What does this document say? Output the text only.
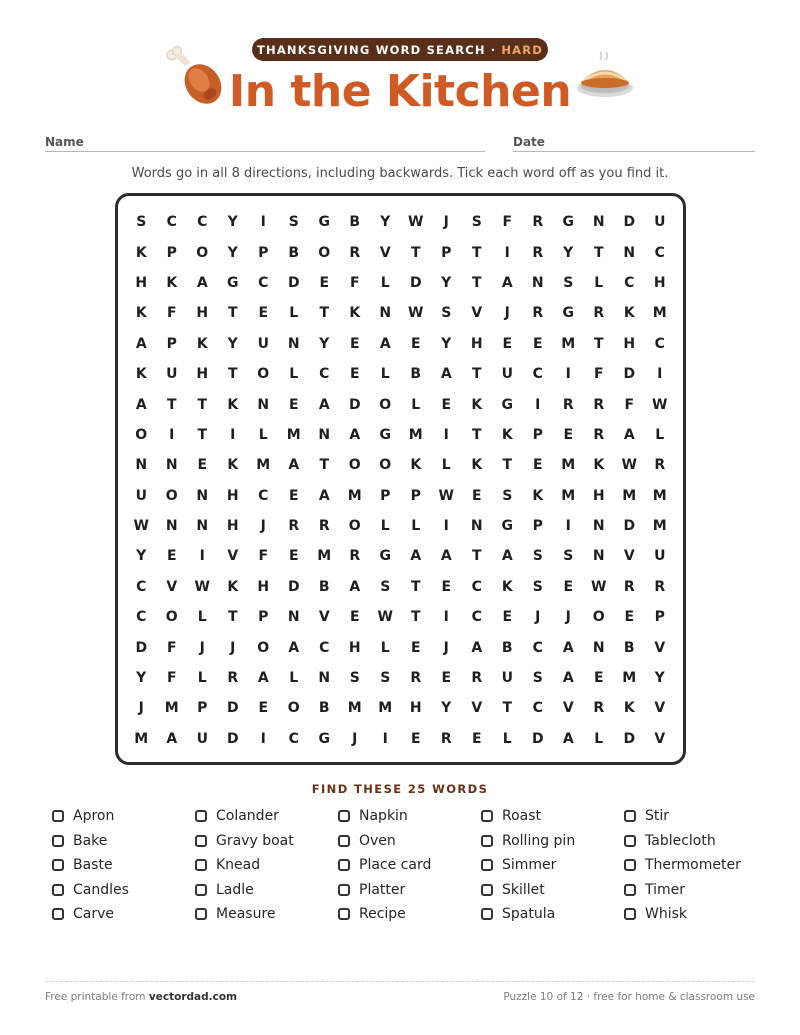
THANKSGIVING WORD SEARCH · HARD
In the Kitchen
Name	Date
Words go in all 8 directions, including backwards. Tick each word off as you find it.
S	C	C	Y	I	S	G	B	Y	W	J	S	F	R	G	N	D	U
K	P	O	Y	P	B	O	R	V	T	P	T	I	R	Y	T	N	C
H	K	A	G	C	D	E	F	L	D	Y	T	A	N	S	L	C	H
K	F	H	T	E	L	T	K	N	W	S	V	J	R	G	R	K	M
A	P	K	Y	U	N	Y	E	A	E	Y	H	E	E	M	T	H	C
K	U	H	T	O	L	C	E	L	B	A	T	U	C	I	F	D	I
A	T	T	K	N	E	A	D	O	L	E	K	G	I	R	R	F	W
O	I	T	I	L	M	N	A	G	M	I	T	K	P	E	R	A	L
N	N	E	K	M	A	T	O	O	K	L	K	T	E	M	K	W	R
U	O	N	H	C	E	A	M	P	P	W	E	S	K	M	H	M	M
W	N	N	H	J	R	R	O	L	L	I	N	G	P	I	N	D	M
Y	E	I	V	F	E	M	R	G	A	A	T	A	S	S	N	V	U
C	V	W	K	H	D	B	A	S	T	E	C	K	S	E	W	R	R
C	O	L	T	P	N	V	E	W	T	I	C	E	J	J	O	E	P
D	F	J	J	O	A	C	H	L	E	J	A	B	C	A	N	B	V
Y	F	L	R	A	L	N	S	S	R	E	R	U	S	A	E	M	Y
J	M	P	D	E	O	B	M	M	H	Y	V	T	C	V	R	K	V
M	A	U	D	I	C	G	J	I	E	R	E	L	D	A	L	D	V
FIND THESE 25 WORDS
Apron
Bake
Baste
Candles
Carve
Colander
Gravy boat
Knead
Ladle
Measure
Napkin
Oven
Place card
Platter
Recipe
Roast
Rolling pin
Simmer
Skillet
Spatula
Stir
Tablecloth
Thermometer
Timer
Whisk
Free printable from vectordad.com	Puzzle 10 of 12 · free for home & classroom use
